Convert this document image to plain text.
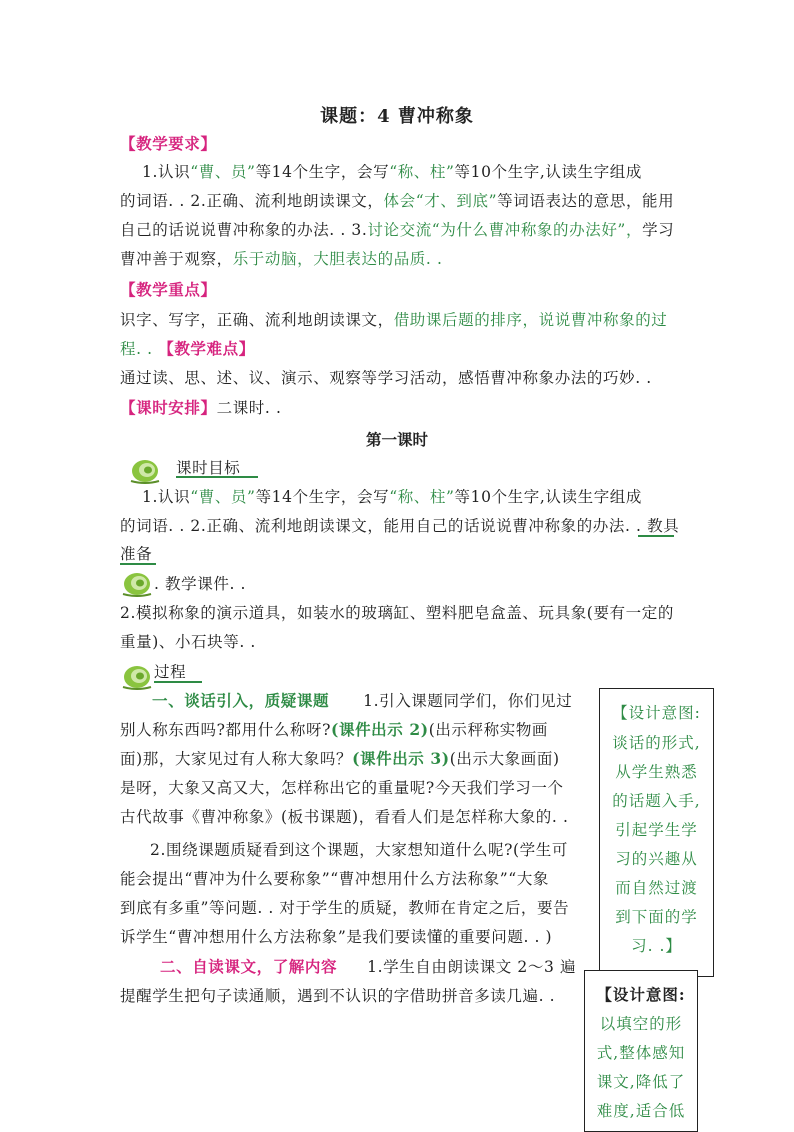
课题：4 曹冲称象
【教学要求】
1.认识“曹、员”等14个生字，会写“称、柱”等10个生字,认读生字组成
的词语. . 2.正确、流利地朗读课文，体会“才、到底”等词语表达的意思，能用
自己的话说说曹冲称象的办法. . 3.讨论交流“为什么曹冲称象的办法好”，学习
曹冲善于观察，乐于动脑，大胆表达的品质. .
【教学重点】
识字、写字，正确、流利地朗读课文，借助课后题的排序，说说曹冲称象的过
程. . 【教学难点】
通过读、思、述、议、演示、观察等学习活动，感悟曹冲称象办法的巧妙. .
【课时安排】二课时. .
第一课时
课时目标
1.认识“曹、员”等14个生字，会写“称、柱”等10个生字,认读生字组成
的词语. . 2.正确、流利地朗读课文，能用自己的话说说曹冲称象的办法. . 教具
准备
. 教学课件. .
2.模拟称象的演示道具，如装水的玻璃缸、塑料肥皂盒盖、玩具象(要有一定的
重量)、小石块等. .
过程
一、谈话引入，质疑课题 1.引入课题同学们，你们见过
别人称东西吗?都用什么称呀?(课件出示 2)(出示秤称实物画
面)那，大家见过有人称大象吗？(课件出示 3)(出示大象画面)
是呀，大象又高又大，怎样称出它的重量呢?今天我们学习一个
古代故事《曹冲称象》(板书课题)，看看人们是怎样称大象的. .
2.围绕课题质疑看到这个课题，大家想知道什么呢?(学生可
能会提出“曹冲为什么要称象”“曹冲想用什么方法称象”“大象
到底有多重”等问题. . 对于学生的质疑，教师在肯定之后，要告
诉学生“曹冲想用什么方法称象”是我们要读懂的重要问题. . )
二、自读课文，了解内容 1.学生自由朗读课文 2～3 遍
提醒学生把句子读通顺，遇到不认识的字借助拼音多读几遍. .
【设计意图:
谈话的形式,
从学生熟悉
的话题入手,
引起学生学
习的兴趣从
而自然过渡
到下面的学
习. .】
【设计意图:
以填空的形
式,整体感知
课文,降低了
难度,适合低
